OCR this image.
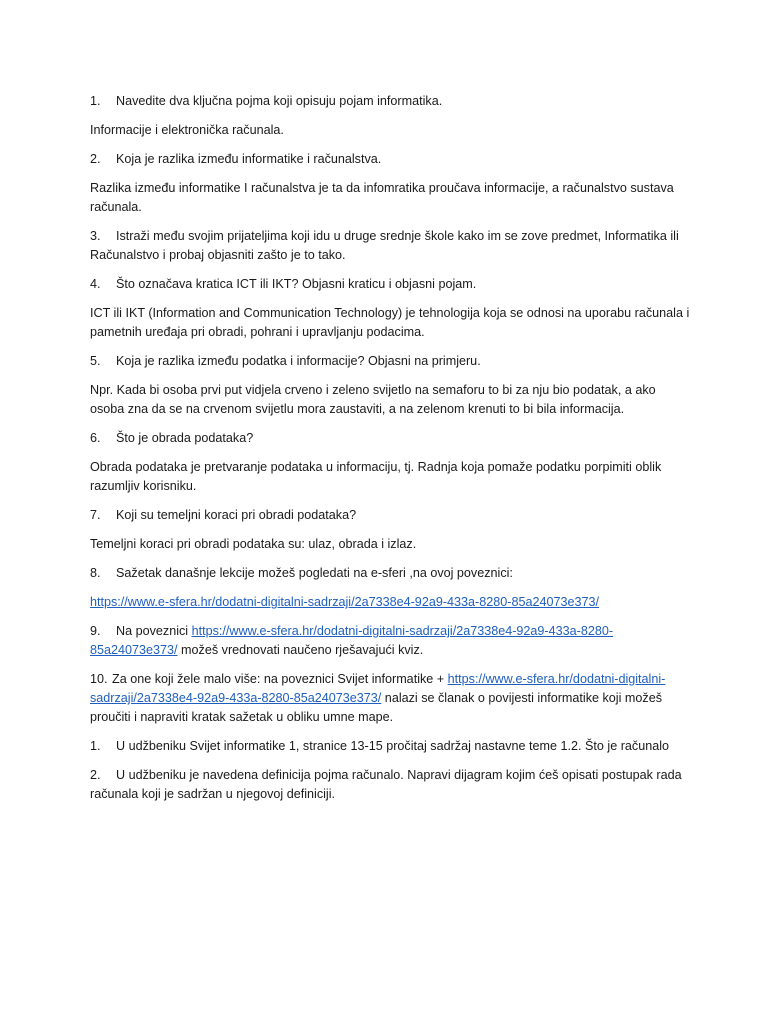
1. Navedite dva ključna pojma koji opisuju pojam informatika.

Informacije i elektronička računala.

2. Koja je razlika između informatike i računalstva.

Razlika između informatike I računalstva je ta da infomratika proučava informacije, a računalstvo sustava računala.

3. Istraži među svojim prijateljima koji idu u druge srednje škole kako im se zove predmet, Informatika ili Računalstvo i probaj objasniti zašto je to tako.

4. Što označava kratica ICT ili IKT? Objasni kraticu i objasni pojam.

ICT ili IKT (Information and Communication Technology) je tehnologija koja se odnosi na uporabu računala i pametnih uređaja pri obradi, pohrani i upravljanju podacima.

5. Koja je razlika između podatka i informacije? Objasni na primjeru.

Npr. Kada bi osoba prvi put vidjela crveno i zeleno svijetlo na semaforu to bi za nju bio podatak, a ako osoba zna da se na crvenom svijetlu mora zaustaviti, a na zelenom krenuti to bi bila informacija.

6. Što je obrada podataka?

Obrada podataka je pretvaranje podataka u informaciju, tj. Radnja koja pomaže podatku porpimiti oblik razumljiv korisniku.

7. Koji su temeljni koraci pri obradi podataka?

Temeljni koraci pri obradi podataka su: ulaz, obrada i izlaz.

8. Sažetak današnje lekcije možeš pogledati na e-sferi ,na ovoj poveznici:

https://www.e-sfera.hr/dodatni-digitalni-sadrzaji/2a7338e4-92a9-433a-8280-85a24073e373/

9. Na poveznici https://www.e-sfera.hr/dodatni-digitalni-sadrzaji/2a7338e4-92a9-433a-8280-85a24073e373/ možeš vrednovati naučeno rješavajući kviz.

10. Za one koji žele malo više: na poveznici Svijet informatike + https://www.e-sfera.hr/dodatni-digitalni-sadrzaji/2a7338e4-92a9-433a-8280-85a24073e373/ nalazi se članak o povijesti informatike koji možeš proučiti i napraviti kratak sažetak u obliku umne mape.

1. U udžbeniku Svijet informatike 1, stranice 13-15 pročitaj sadržaj nastavne teme 1.2. Što je računalo

2. U udžbeniku je navedena definicija pojma računalo. Napravi dijagram kojim ćeš opisati postupak rada računala koji je sadržan u njegovoj definiciji.
